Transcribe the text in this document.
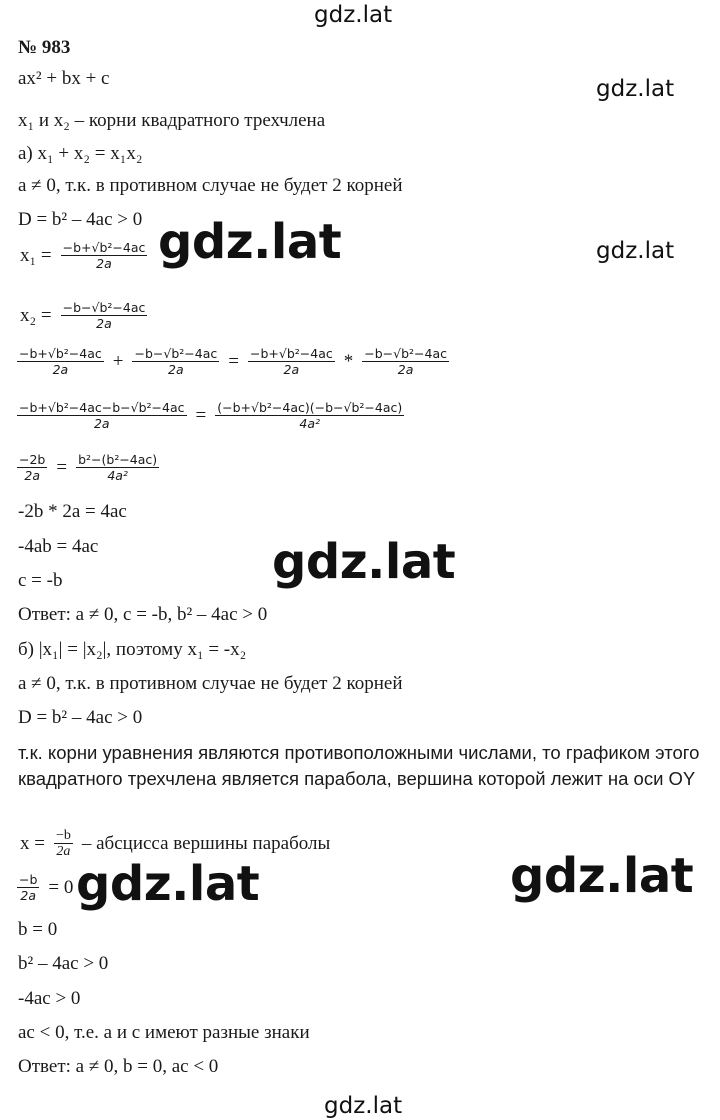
gdz.lat
gdz.lat
gdz.lat	gdz.lat
gdz.lat
gdz.lat	gdz.lat
gdz.lat
№ 983
ax² + bx + c
x₁ и x₂ – корни квадратного трехчлена
а) x₁ + x₂ = x₁x₂
a ≠ 0, т.к. в противном случае не будет 2 корней
D = b² – 4ac > 0
$x_1 = \frac{\text{−b+√b²−4ac}}{2a}$
$x_2 = \frac{\text{−b−√b²−4ac}}{2a}$
$\frac{\text{−b+√b²−4ac}}{2a} + \frac{\text{−b−√b²−4ac}}{2a} = \frac{\text{−b+√b²−4ac}}{2a} * \frac{\text{−b−√b²−4ac}}{2a}$
$\frac{\text{−b+√b²−4ac−b−√b²−4ac}}{2a} = \frac{\text{(−b+√b²−4ac)(−b−√b²−4ac)}}{\text{4a²}}$
$\frac{-2b}{2a} = \frac{\text{b²−(b²−4ac)}}{\text{4a²}}$
-2b * 2a = 4ac
-4ab = 4ac
c = -b
Ответ: a ≠ 0, c = -b, b² – 4ac > 0
б) |x₁| = |x₂|, поэтому x₁ = -x₂
a ≠ 0, т.к. в противном случае не будет 2 корней
D = b² – 4ac > 0
т.к. корни уравнения являются противоположными числами, то графиком этого квадратного трехчлена является парабола, вершина которой лежит на оси OY
$x = \frac{-b}{2a}$ – абсцисса вершины параболы
$\frac{-b}{2a} = 0$
b = 0
b² – 4ac > 0
-4ac > 0
ac < 0, т.е. a и c имеют разные знаки
Ответ: a ≠ 0, b = 0, ac < 0
